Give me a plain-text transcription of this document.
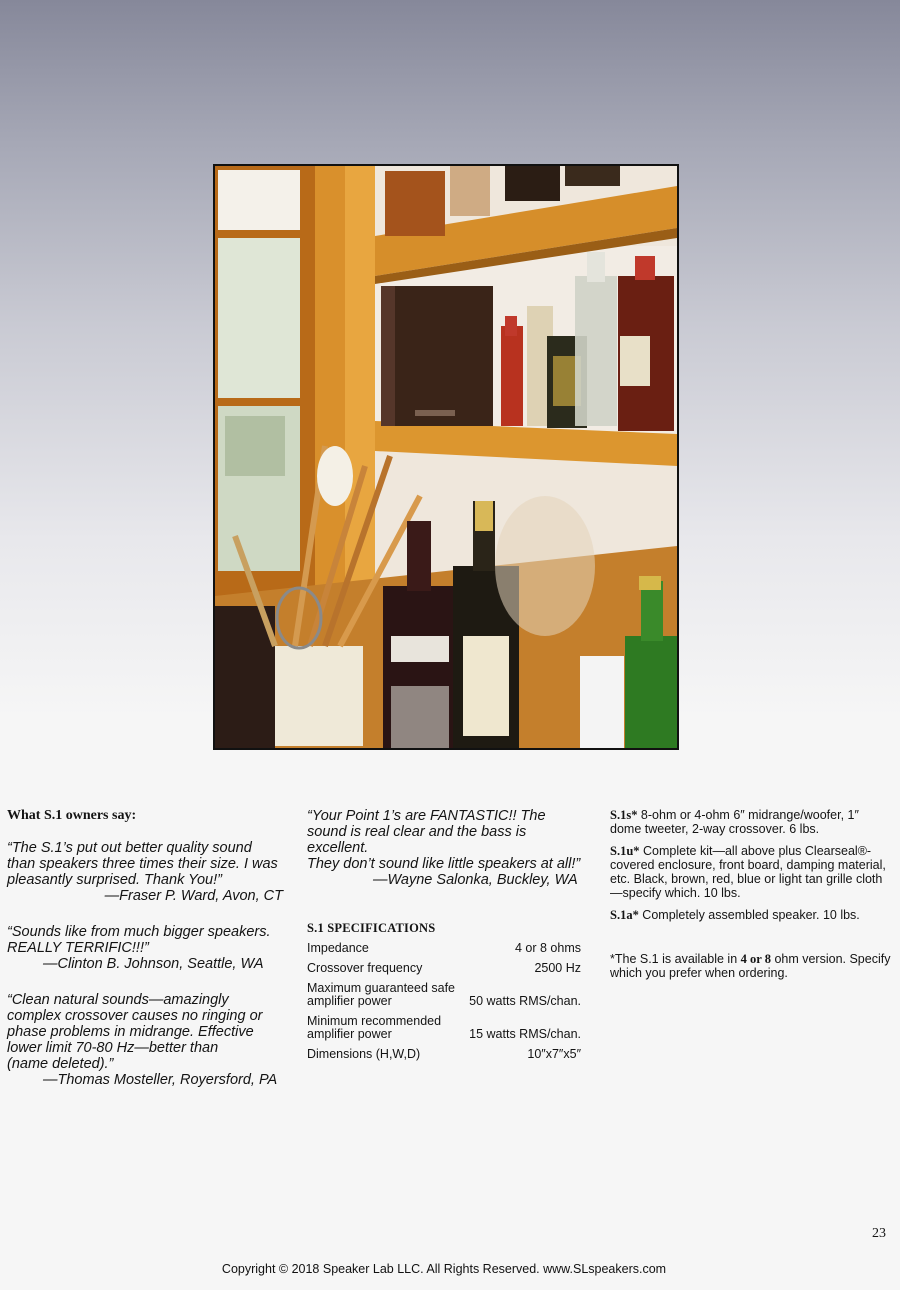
What S.1 owners say:

“The S.1’s put out better quality sound
than speakers three times their size. I was
pleasantly surprised. Thank You!”

—Fraser P. Ward, Avon, CT

“Sounds like from much bigger speakers.
REALLY TERRIFIC!!!”

—Clinton B. Johnson, Seattle, WA

“Clean natural sounds—amazingly
complex crossover causes no ringing or
phase problems in midrange. Effective
lower limit 70-80 Hz—better than
(name deleted).”

—Thomas Mosteller, Royersford, PA

“Your Point 1’s are FANTASTIC!! The
sound is real clear and the bass is excellent.
They don’t sound like little speakers at all!”

—Wayne Salonka, Buckley, WA

S.1 SPECIFICATIONS

Impedance	4 or 8 ohms
Crossover frequency	2500 Hz
Maximum guaranteed safe amplifier power	50 watts RMS/chan.
Minimum recommended amplifier power	15 watts RMS/chan.
Dimensions (H,W,D)	10″x7″x5″

S.1s* 8-ohm or 4-ohm 6″ midrange/woofer, 1″ dome tweeter, 2-way crossover. 6 lbs.

S.1u* Complete kit—all above plus Clearseal®-covered enclosure, front board, damping material, etc. Black, brown, red, blue or light tan grille cloth—specify which. 10 lbs.

S.1a* Completely assembled speaker. 10 lbs.

*The S.1 is available in 4 or 8 ohm version. Specify which you prefer when ordering.

23
Copyright © 2018 Speaker Lab LLC. All Rights Reserved. www.SLspeakers.com
